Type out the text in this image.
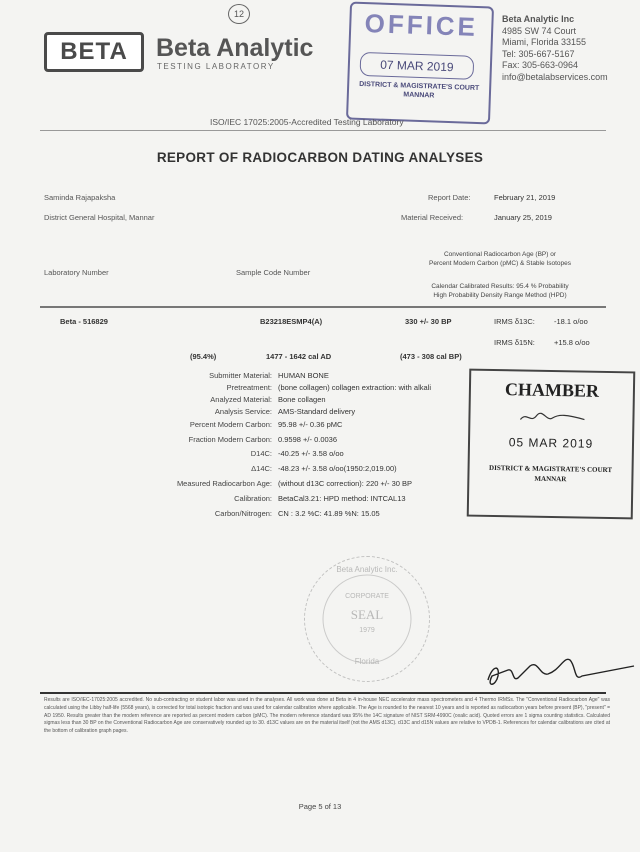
12
BETA	Beta Analytic
TESTING LABORATORY
Beta Analytic Inc
4985 SW 74 Court
Miami, Florida 33155
Tel: 305-667-5167
Fax: 305-663-0964
info@betalabservices.com
OFFICE
07 MAR 2019
DISTRICT & MAGISTRATE'S COURT
MANNAR
ISO/IEC 17025:2005-Accredited Testing Laboratory
REPORT OF RADIOCARBON DATING ANALYSES
Saminda Rajapaksha
District General Hospital, Mannar
Report Date:	February 21, 2019
Material Received:	January 25, 2019
Laboratory Number	Sample Code Number
Conventional Radiocarbon Age (BP) or
Percent Modern Carbon (pMC) & Stable Isotopes
Calendar Calibrated Results: 95.4 % Probability
High Probability Density Range Method (HPD)
Beta - 516829	B23218ESMP4(A)	330 +/- 30 BP	IRMS δ13C:	-18.1 o/oo
IRMS δ15N:	+15.8 o/oo
(95.4%)	1477 - 1642 cal AD	(473 - 308 cal BP)
Submitter Material: HUMAN BONE
Pretreatment: (bone collagen) collagen extraction: with alkali
Analyzed Material: Bone collagen
Analysis Service: AMS-Standard delivery
Percent Modern Carbon: 95.98 +/- 0.36 pMC
Fraction Modern Carbon: 0.9598 +/- 0.0036
D14C: -40.25 +/- 3.58 o/oo
Δ14C: -48.23 +/- 3.58 o/oo(1950:2,019.00)
Measured Radiocarbon Age: (without d13C correction): 220 +/- 30 BP
Calibration: BetaCal3.21: HPD method: INTCAL13
Carbon/Nitrogen: CN : 3.2 %C: 41.89 %N: 15.05
CHAMBER
05 MAR 2019
DISTRICT & MAGISTRATE'S COURT
MANNAR
Beta Analytic Inc.
CORPORATE
SEAL
1979
Florida
Results are ISO/IEC-17025:2005 accredited. No sub-contracting or student labor was used in the analyses. All work was done at Beta in 4 in-house NEC accelerator mass spectrometers and 4 Thermo IRMSs. The "Conventional Radiocarbon Age" was calculated using the Libby half-life (5568 years), is corrected for total isotopic fraction and was used for calendar calibration where applicable. The Age is rounded to the nearest 10 years and is reported as radiocarbon years before present (BP), "present" = AD 1950. Results greater than the modern reference are reported as percent modern carbon (pMC). The modern reference standard was 95% the 14C signature of NIST SRM-4990C (oxalic acid). Quoted errors are 1 sigma counting statistics. Calculated sigmas less than 30 BP on the Conventional Radiocarbon Age are conservatively rounded up to 30. d13C values are on the material itself (not the AMS d13C). d13C and d15N values are relative to VPDB-1. References for calendar calibrations are cited at the bottom of calibration graph pages.
Page 5 of 13
